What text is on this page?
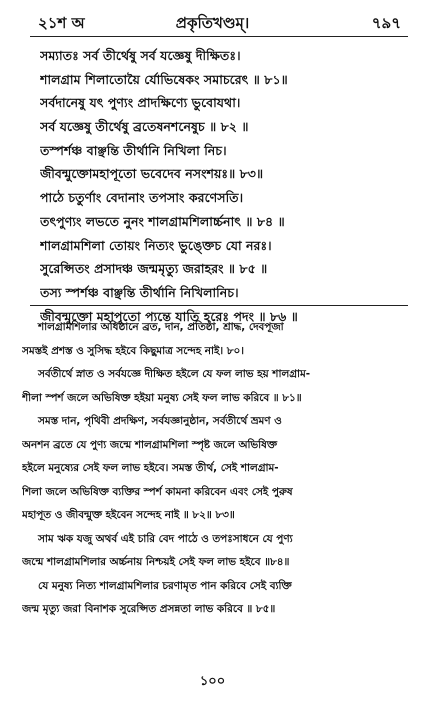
২১শ অ	প্রকৃতিখণ্ডম্।	৭৯৭
সম্যাতঃ সর্ব তীর্থেষু সর্ব যজ্ঞেষু দীক্ষিতঃ।
শালগ্রাম শিলাতোয়ৈ র্যোভিষেকং সমাচরেৎ ॥ ৮১॥
সর্বদানেষু যৎ পুণ্যং প্রাদক্ষিণ্যে ভুবোযথা।
সর্ব যজ্ঞেষু তীর্থেষু ব্রতেষনশনেষুচ ॥ ৮২ ॥
তস্পর্শঞ্চ বাঞ্ছন্তি তীর্থানি নিখিলা নিচ।
জীবন্মুক্তোমহাপূতো ভবেদেব নসংশয়ঃ॥ ৮৩॥
পাঠে চতুর্ণাং বেদানাং তপসাং করণেসতি।
তৎপুণ্যং লভতে নুনং শালগ্রামশিলার্চ্চনাৎ ॥ ৮৪ ॥
শালগ্রামশিলা তোয়ং নিত্যং ভুঙ্ক্তেচ যো নরঃ।
সুরেপ্সিতং প্রসাদঞ্চ জন্মমৃত্যু জরাহরং ॥ ৮৫ ॥
তস্য স্পর্শঞ্চ বাঞ্ছন্তি তীর্থানি নিখিলানিচ।
জীবন্মুক্তো মহাপূতো প্যন্তে যাতি হরেঃ পদং ॥ ৮৬ ॥
শালগ্রামশিলার অধিষ্ঠানে ব্রত, দান, প্রতিষ্ঠা, শ্রাদ্ধ, দেবপূজা
সমস্তই প্রশস্ত ও সুসিদ্ধ হইবে কিছুমাত্র সন্দেহ নাই। ৮০।
সর্বতীর্থে স্নাত ও সর্বযজ্ঞে দীক্ষিত হইলে যে ফল লাভ হয় শালগ্রাম-
শীলা স্পর্শ জলে অভিষিক্ত হইয়া মনুষ্য সেই ফল লাভ করিবে ॥ ৮১॥
সমস্ত দান, পৃথিবী প্রদক্ষিণ, সর্বযজ্ঞানুষ্ঠান, সর্বতীর্থে ভ্রমণ ও
অনশন ব্রতে যে পুণ্য জন্মে শালগ্রামশিলা স্পৃষ্ট জলে অভিষিক্ত
হইলে মনুষ্যের সেই ফল লাভ হইবে। সমস্ত তীর্থ, সেই শালগ্রাম-
শিলা জলে অভিষিক্ত ব্যক্তির স্পর্শ কামনা করিবেন এবং সেই পুরুষ
মহাপূত ও জীবন্মুক্ত হইবেন সন্দেহ নাই ॥ ৮২॥ ৮৩॥
সাম ঋক যজু অথর্ব এই চারি বেদ পাঠে ও তপঃসাধনে যে পুণ্য
জন্মে শালগ্রামশিলার অর্চ্চনায় নিশ্চয়ই সেই ফল লাভ হইবে ॥৮৪॥
যে মনুষ্য নিত্য শালগ্রামশিলার চরণামৃত পান করিবে সেই ব্যক্তি
জন্ম মৃত্যু জরা বিনাশক সুরেপ্সিত প্রসন্নতা লাভ করিবে ॥ ৮৫॥
১০০
